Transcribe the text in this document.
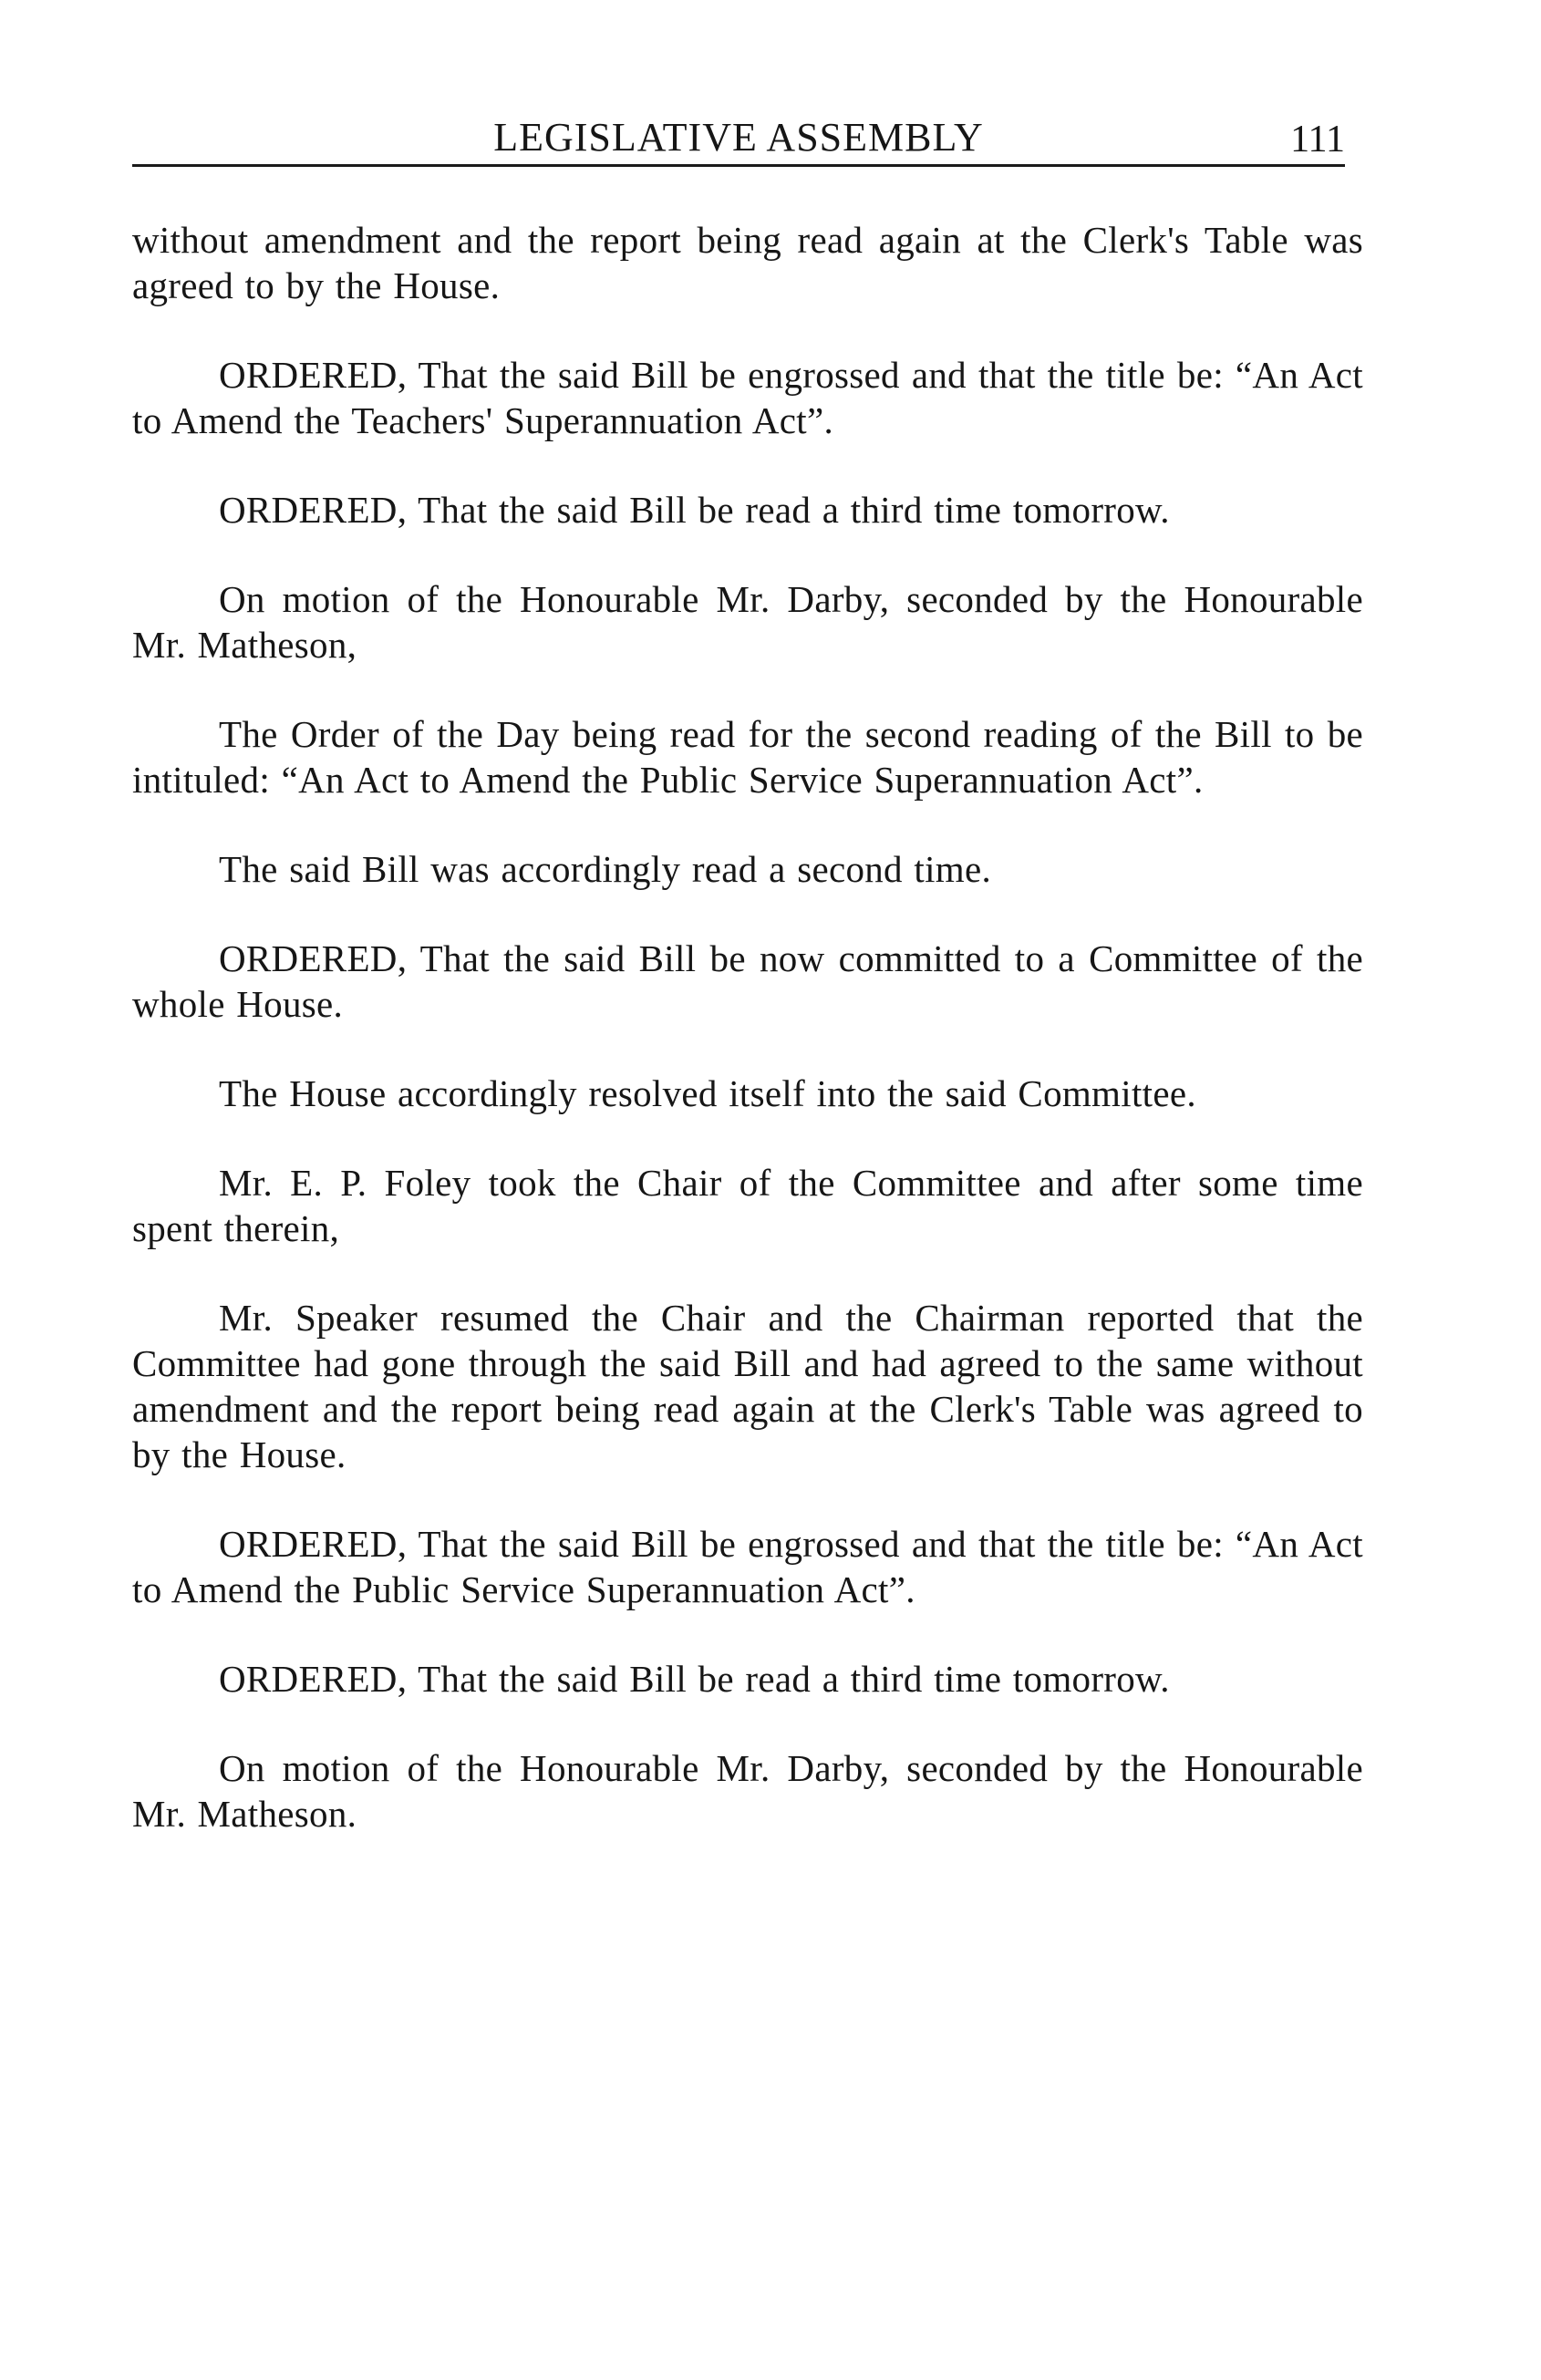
LEGISLATIVE ASSEMBLY	111

without amendment and the report being read again at the Clerk's Table was agreed to by the House.

ORDERED, That the said Bill be engrossed and that the title be: “An Act to Amend the Teachers' Superannuation Act”.

ORDERED, That the said Bill be read a third time tomorrow.

On motion of the Honourable Mr. Darby, seconded by the Honourable Mr. Matheson,

The Order of the Day being read for the second reading of the Bill to be intituled: “An Act to Amend the Public Service Superannuation Act”.

The said Bill was accordingly read a second time.

ORDERED, That the said Bill be now committed to a Committee of the whole House.

The House accordingly resolved itself into the said Committee.

Mr. E. P. Foley took the Chair of the Committee and after some time spent therein,

Mr. Speaker resumed the Chair and the Chairman reported that the Committee had gone through the said Bill and had agreed to the same without amendment and the report being read again at the Clerk's Table was agreed to by the House.

ORDERED, That the said Bill be engrossed and that the title be: “An Act to Amend the Public Service Superannuation Act”.

ORDERED, That the said Bill be read a third time tomorrow.

On motion of the Honourable Mr. Darby, seconded by the Honourable Mr. Matheson.
